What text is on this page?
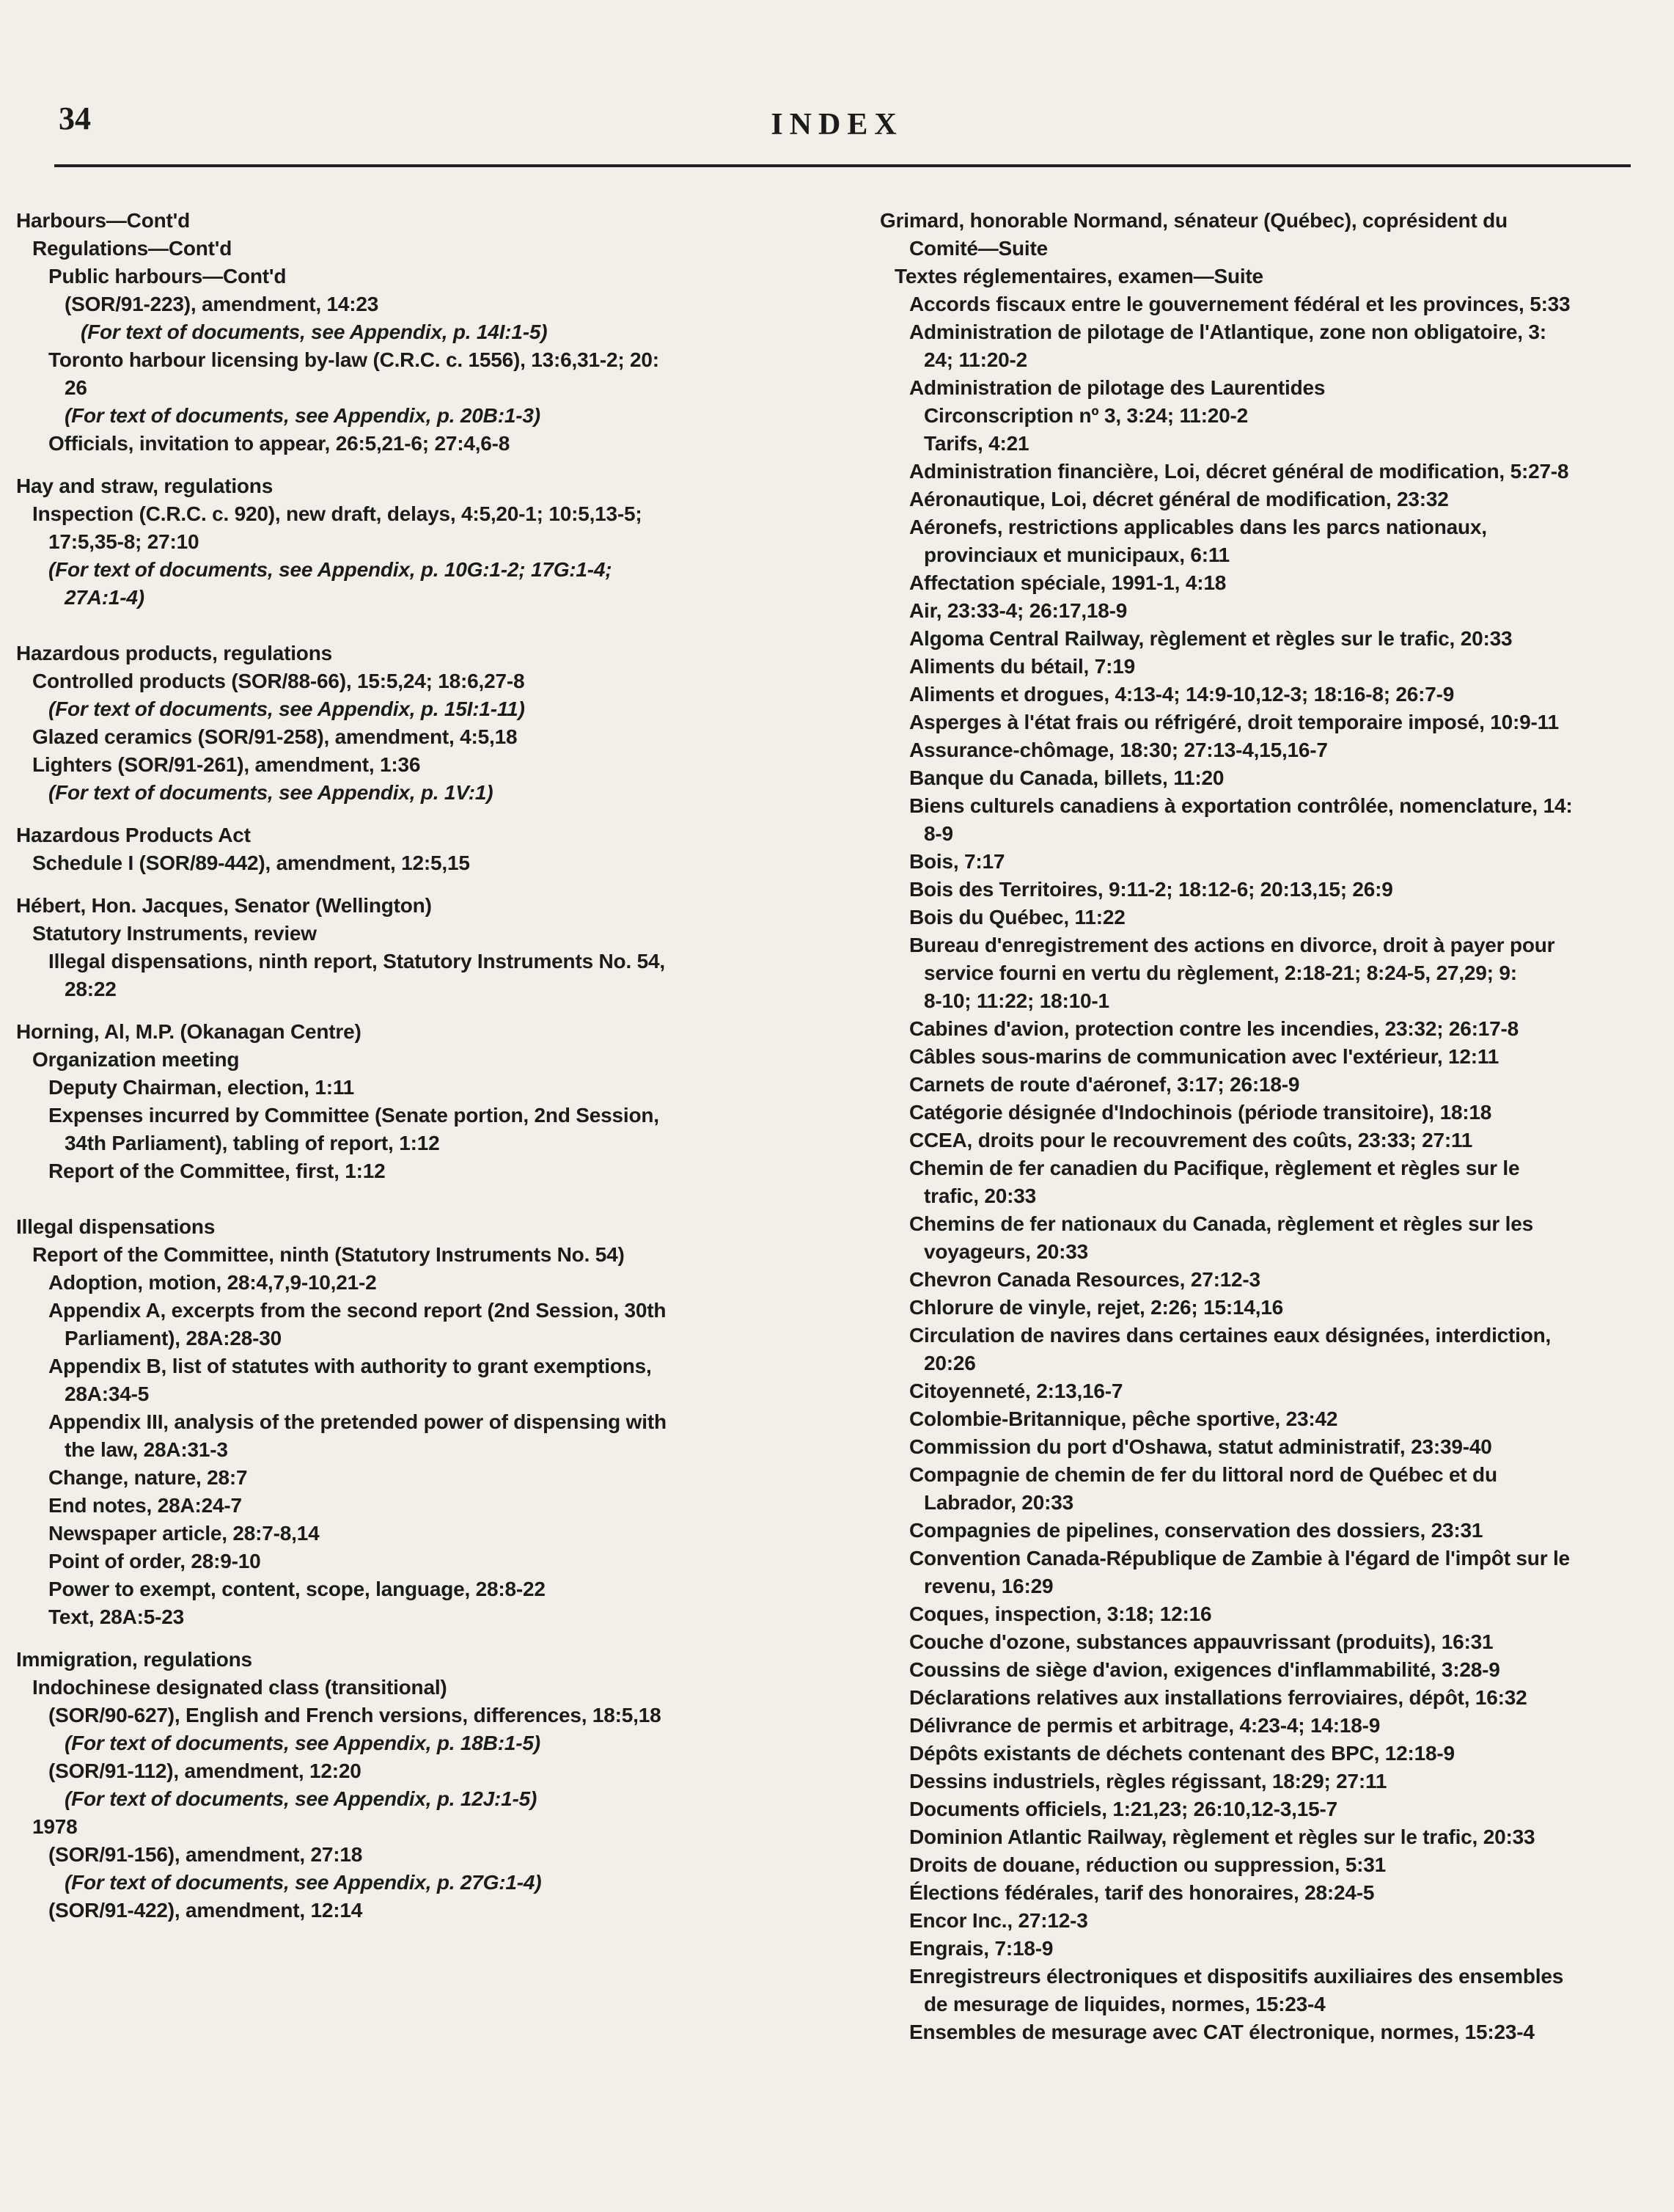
34	INDEX
Harbours—Cont'd
Regulations—Cont'd
Public harbours—Cont'd
(SOR/91-223), amendment, 14:23
(For text of documents, see Appendix, p. 14I:1-5)
Toronto harbour licensing by-law (C.R.C. c. 1556), 13:6,31-2; 20:
26
(For text of documents, see Appendix, p. 20B:1-3)
Officials, invitation to appear, 26:5,21-6; 27:4,6-8
Hay and straw, regulations
Inspection (C.R.C. c. 920), new draft, delays, 4:5,20-1; 10:5,13-5;
17:5,35-8; 27:10
(For text of documents, see Appendix, p. 10G:1-2; 17G:1-4;
27A:1-4)
Hazardous products, regulations
Controlled products (SOR/88-66), 15:5,24; 18:6,27-8
(For text of documents, see Appendix, p. 15I:1-11)
Glazed ceramics (SOR/91-258), amendment, 4:5,18
Lighters (SOR/91-261), amendment, 1:36
(For text of documents, see Appendix, p. 1V:1)
Hazardous Products Act
Schedule I (SOR/89-442), amendment, 12:5,15
Hébert, Hon. Jacques, Senator (Wellington)
Statutory Instruments, review
Illegal dispensations, ninth report, Statutory Instruments No. 54,
28:22
Horning, Al, M.P. (Okanagan Centre)
Organization meeting
Deputy Chairman, election, 1:11
Expenses incurred by Committee (Senate portion, 2nd Session,
34th Parliament), tabling of report, 1:12
Report of the Committee, first, 1:12
Illegal dispensations
Report of the Committee, ninth (Statutory Instruments No. 54)
Adoption, motion, 28:4,7,9-10,21-2
Appendix A, excerpts from the second report (2nd Session, 30th
Parliament), 28A:28-30
Appendix B, list of statutes with authority to grant exemptions,
28A:34-5
Appendix III, analysis of the pretended power of dispensing with
the law, 28A:31-3
Change, nature, 28:7
End notes, 28A:24-7
Newspaper article, 28:7-8,14
Point of order, 28:9-10
Power to exempt, content, scope, language, 28:8-22
Text, 28A:5-23
Immigration, regulations
Indochinese designated class (transitional)
(SOR/90-627), English and French versions, differences, 18:5,18
(For text of documents, see Appendix, p. 18B:1-5)
(SOR/91-112), amendment, 12:20
(For text of documents, see Appendix, p. 12J:1-5)
1978
(SOR/91-156), amendment, 27:18
(For text of documents, see Appendix, p. 27G:1-4)
(SOR/91-422), amendment, 12:14
Grimard, honorable Normand, sénateur (Québec), coprésident du
Comité—Suite
Textes réglementaires, examen—Suite
Accords fiscaux entre le gouvernement fédéral et les provinces, 5:33
Administration de pilotage de l'Atlantique, zone non obligatoire, 3:
24; 11:20-2
Administration de pilotage des Laurentides
Circonscription nº 3, 3:24; 11:20-2
Tarifs, 4:21
Administration financière, Loi, décret général de modification, 5:27-8
Aéronautique, Loi, décret général de modification, 23:32
Aéronefs, restrictions applicables dans les parcs nationaux,
provinciaux et municipaux, 6:11
Affectation spéciale, 1991-1, 4:18
Air, 23:33-4; 26:17,18-9
Algoma Central Railway, règlement et règles sur le trafic, 20:33
Aliments du bétail, 7:19
Aliments et drogues, 4:13-4; 14:9-10,12-3; 18:16-8; 26:7-9
Asperges à l'état frais ou réfrigéré, droit temporaire imposé, 10:9-11
Assurance-chômage, 18:30; 27:13-4,15,16-7
Banque du Canada, billets, 11:20
Biens culturels canadiens à exportation contrôlée, nomenclature, 14:
8-9
Bois, 7:17
Bois des Territoires, 9:11-2; 18:12-6; 20:13,15; 26:9
Bois du Québec, 11:22
Bureau d'enregistrement des actions en divorce, droit à payer pour
service fourni en vertu du règlement, 2:18-21; 8:24-5, 27,29; 9:
8-10; 11:22; 18:10-1
Cabines d'avion, protection contre les incendies, 23:32; 26:17-8
Câbles sous-marins de communication avec l'extérieur, 12:11
Carnets de route d'aéronef, 3:17; 26:18-9
Catégorie désignée d'Indochinois (période transitoire), 18:18
CCEA, droits pour le recouvrement des coûts, 23:33; 27:11
Chemin de fer canadien du Pacifique, règlement et règles sur le
trafic, 20:33
Chemins de fer nationaux du Canada, règlement et règles sur les
voyageurs, 20:33
Chevron Canada Resources, 27:12-3
Chlorure de vinyle, rejet, 2:26; 15:14,16
Circulation de navires dans certaines eaux désignées, interdiction,
20:26
Citoyenneté, 2:13,16-7
Colombie-Britannique, pêche sportive, 23:42
Commission du port d'Oshawa, statut administratif, 23:39-40
Compagnie de chemin de fer du littoral nord de Québec et du
Labrador, 20:33
Compagnies de pipelines, conservation des dossiers, 23:31
Convention Canada-République de Zambie à l'égard de l'impôt sur le
revenu, 16:29
Coques, inspection, 3:18; 12:16
Couche d'ozone, substances appauvrissant (produits), 16:31
Coussins de siège d'avion, exigences d'inflammabilité, 3:28-9
Déclarations relatives aux installations ferroviaires, dépôt, 16:32
Délivrance de permis et arbitrage, 4:23-4; 14:18-9
Dépôts existants de déchets contenant des BPC, 12:18-9
Dessins industriels, règles régissant, 18:29; 27:11
Documents officiels, 1:21,23; 26:10,12-3,15-7
Dominion Atlantic Railway, règlement et règles sur le trafic, 20:33
Droits de douane, réduction ou suppression, 5:31
Élections fédérales, tarif des honoraires, 28:24-5
Encor Inc., 27:12-3
Engrais, 7:18-9
Enregistreurs électroniques et dispositifs auxiliaires des ensembles
de mesurage de liquides, normes, 15:23-4
Ensembles de mesurage avec CAT électronique, normes, 15:23-4
